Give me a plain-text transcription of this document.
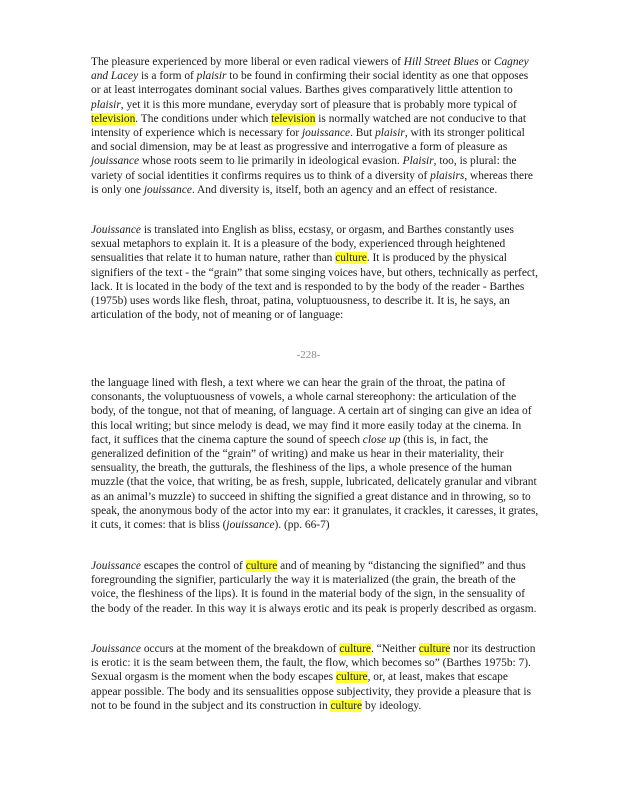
The pleasure experienced by more liberal or even radical viewers of Hill Street Blues or Cagney and Lacey is a form of plaisir to be found in confirming their social identity as one that opposes or at least interrogates dominant social values. Barthes gives comparatively little attention to plaisir, yet it is this more mundane, everyday sort of pleasure that is probably more typical of television. The conditions under which television is normally watched are not conducive to that intensity of experience which is necessary for jouissance. But plaisir, with its stronger political and social dimension, may be at least as progressive and interrogative a form of pleasure as jouissance whose roots seem to lie primarily in ideological evasion. Plaisir, too, is plural: the variety of social identities it confirms requires us to think of a diversity of plaisirs, whereas there is only one jouissance. And diversity is, itself, both an agency and an effect of resistance.

Jouissance is translated into English as bliss, ecstasy, or orgasm, and Barthes constantly uses sexual metaphors to explain it. It is a pleasure of the body, experienced through heightened sensualities that relate it to human nature, rather than culture. It is produced by the physical signifiers of the text - the “grain” that some singing voices have, but others, technically as perfect, lack. It is located in the body of the text and is responded to by the body of the reader - Barthes (1975b) uses words like flesh, throat, patina, voluptuousness, to describe it. It is, he says, an articulation of the body, not of meaning or of language:

-228-

the language lined with flesh, a text where we can hear the grain of the throat, the patina of consonants, the voluptuousness of vowels, a whole carnal stereophony: the articulation of the body, of the tongue, not that of meaning, of language. A certain art of singing can give an idea of this local writing; but since melody is dead, we may find it more easily today at the cinema. In fact, it suffices that the cinema capture the sound of speech close up (this is, in fact, the generalized definition of the “grain” of writing) and make us hear in their materiality, their sensuality, the breath, the gutturals, the fleshiness of the lips, a whole presence of the human muzzle (that the voice, that writing, be as fresh, supple, lubricated, delicately granular and vibrant as an animal’s muzzle) to succeed in shifting the signified a great distance and in throwing, so to speak, the anonymous body of the actor into my ear: it granulates, it crackles, it caresses, it grates, it cuts, it comes: that is bliss (jouissance). (pp. 66-7)

Jouissance escapes the control of culture and of meaning by “distancing the signified” and thus foregrounding the signifier, particularly the way it is materialized (the grain, the breath of the voice, the fleshiness of the lips). It is found in the material body of the sign, in the sensuality of the body of the reader. In this way it is always erotic and its peak is properly described as orgasm.

Jouissance occurs at the moment of the breakdown of culture. “Neither culture nor its destruction is erotic: it is the seam between them, the fault, the flow, which becomes so” (Barthes 1975b: 7). Sexual orgasm is the moment when the body escapes culture, or, at least, makes that escape appear possible. The body and its sensualities oppose subjectivity, they provide a pleasure that is not to be found in the subject and its construction in culture by ideology.
